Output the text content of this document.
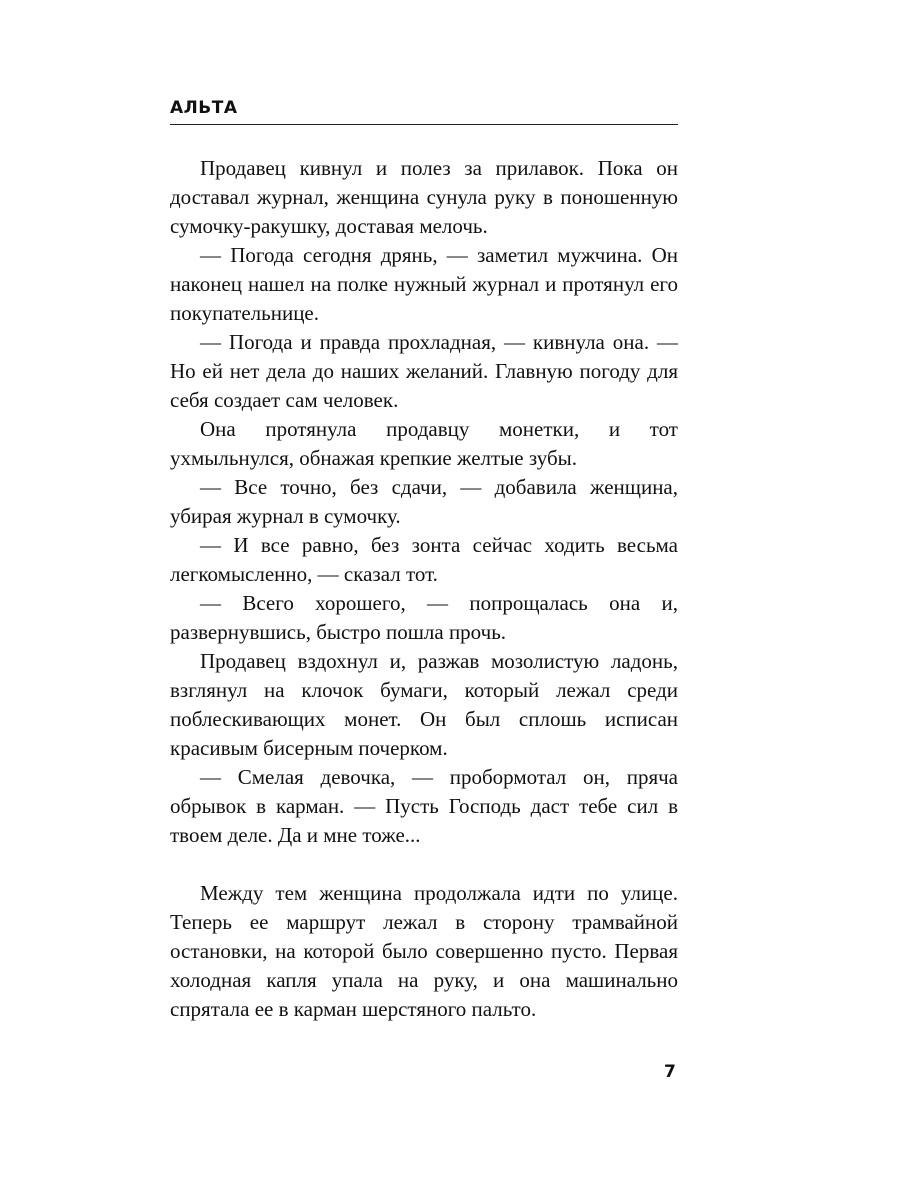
АЛЬТА

Продавец кивнул и полез за прилавок. Пока он доставал журнал, женщина сунула руку в поношенную сумочку-ракушку, доставая мелочь.

— Погода сегодня дрянь, — заметил мужчина. Он наконец нашел на полке нужный журнал и протянул его покупательнице.

— Погода и правда прохладная, — кивнула она. — Но ей нет дела до наших желаний. Главную погоду для себя создает сам человек.

Она протянула продавцу монетки, и тот ухмыльнулся, обнажая крепкие желтые зубы.

— Все точно, без сдачи, — добавила женщина, убирая журнал в сумочку.

— И все равно, без зонта сейчас ходить весьма легкомысленно, — сказал тот.

— Всего хорошего, — попрощалась она и, развернувшись, быстро пошла прочь.

Продавец вздохнул и, разжав мозолистую ладонь, взглянул на клочок бумаги, который лежал среди поблескивающих монет. Он был сплошь исписан красивым бисерным почерком.

— Смелая девочка, — пробормотал он, пряча обрывок в карман. — Пусть Господь даст тебе сил в твоем деле. Да и мне тоже...

Между тем женщина продолжала идти по улице. Теперь ее маршрут лежал в сторону трамвайной остановки, на которой было совершенно пусто. Первая холодная капля упала на руку, и она машинально спрятала ее в карман шерстяного пальто.

7
